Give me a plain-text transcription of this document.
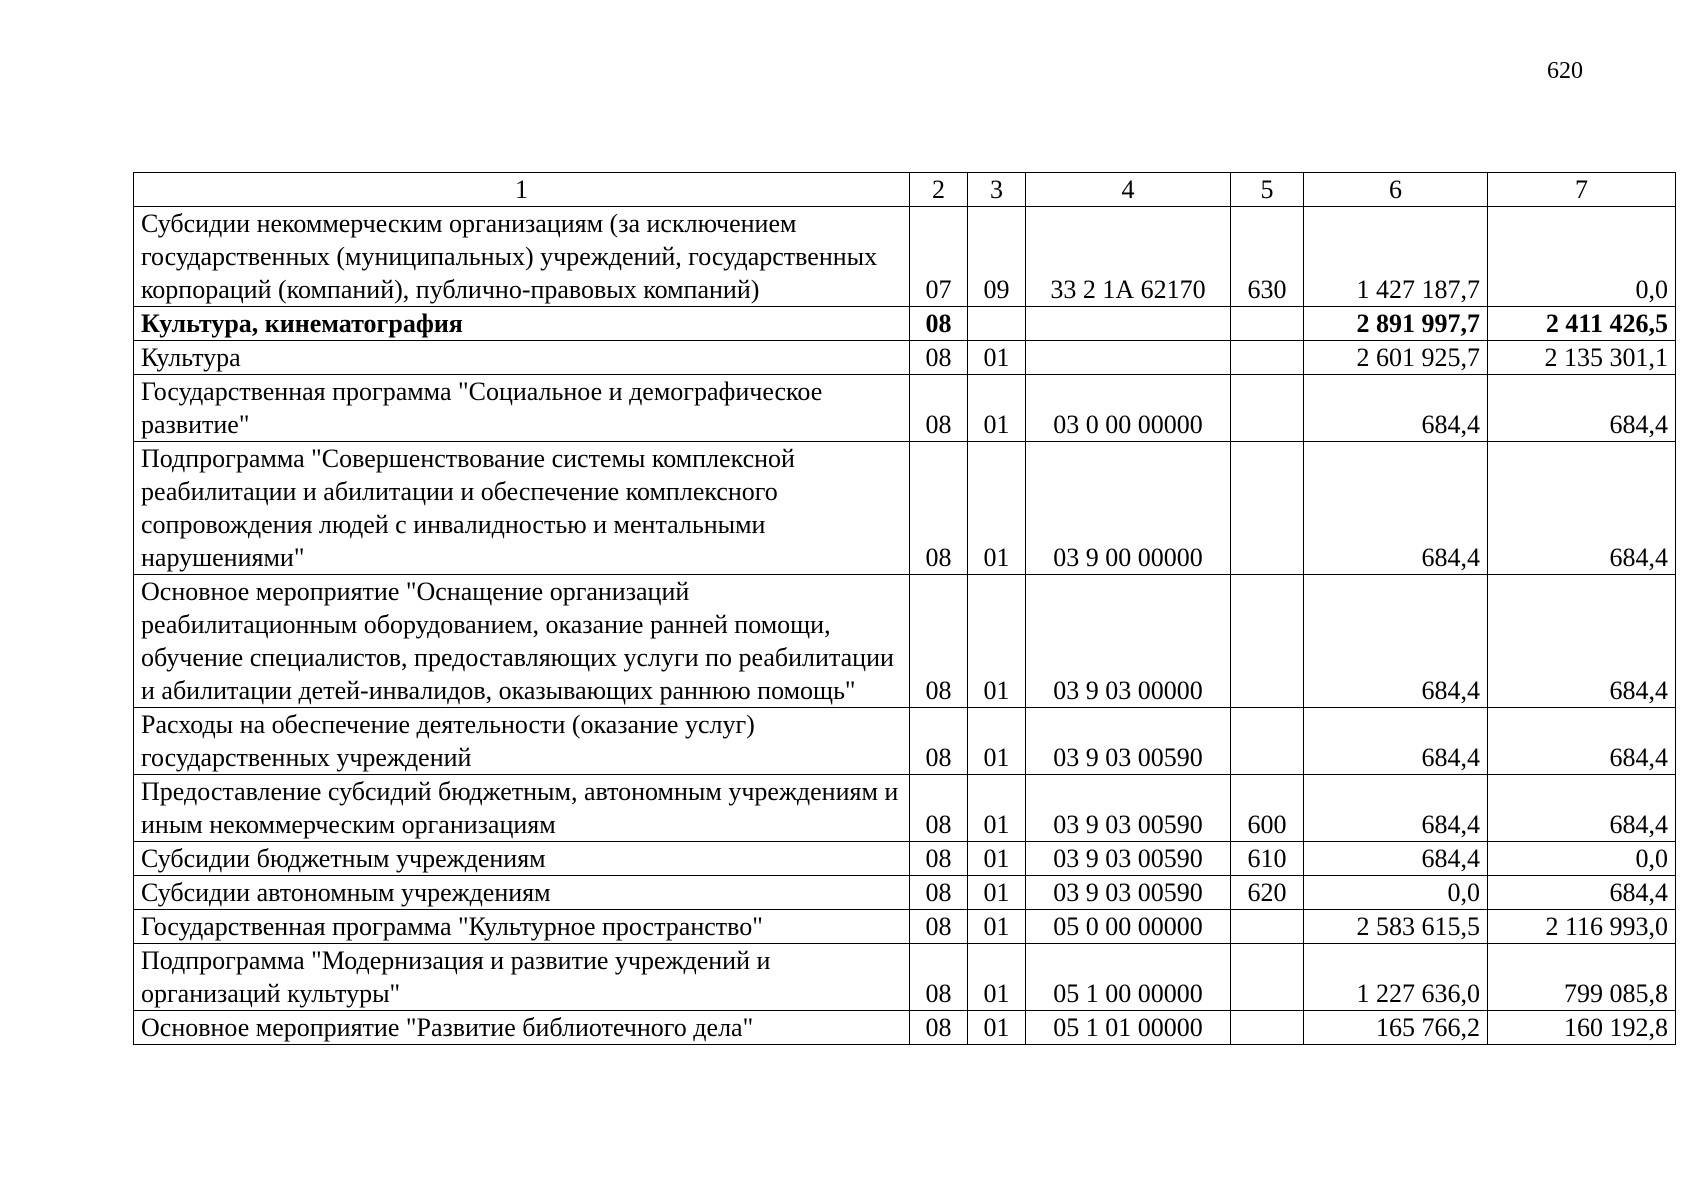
620
1	2	3	4	5	6	7
Субсидии некоммерческим организациям (за исключением государственных (муниципальных) учреждений, государственных корпораций (компаний), публично-правовых компаний)	07	09	33 2 1А 62170	630	1 427 187,7	0,0
Культура, кинематография	08				2 891 997,7	2 411 426,5
Культура	08	01			2 601 925,7	2 135 301,1
Государственная программа "Социальное и демографическое развитие"	08	01	03 0 00 00000		684,4	684,4
Подпрограмма "Совершенствование системы комплексной реабилитации и абилитации и обеспечение комплексного сопровождения людей с инвалидностью и ментальными нарушениями"	08	01	03 9 00 00000		684,4	684,4
Основное мероприятие "Оснащение организаций реабилитационным оборудованием, оказание ранней помощи, обучение специалистов, предоставляющих услуги по реабилитации и абилитации детей-инвалидов, оказывающих раннюю помощь"	08	01	03 9 03 00000		684,4	684,4
Расходы на обеспечение деятельности (оказание услуг) государственных учреждений	08	01	03 9 03 00590		684,4	684,4
Предоставление субсидий бюджетным, автономным учреждениям и иным некоммерческим организациям	08	01	03 9 03 00590	600	684,4	684,4
Субсидии бюджетным учреждениям	08	01	03 9 03 00590	610	684,4	0,0
Субсидии автономным учреждениям	08	01	03 9 03 00590	620	0,0	684,4
Государственная программа "Культурное пространство"	08	01	05 0 00 00000		2 583 615,5	2 116 993,0
Подпрограмма "Модернизация и развитие учреждений и организаций культуры"	08	01	05 1 00 00000		1 227 636,0	799 085,8
Основное мероприятие "Развитие библиотечного дела"	08	01	05 1 01 00000		165 766,2	160 192,8
